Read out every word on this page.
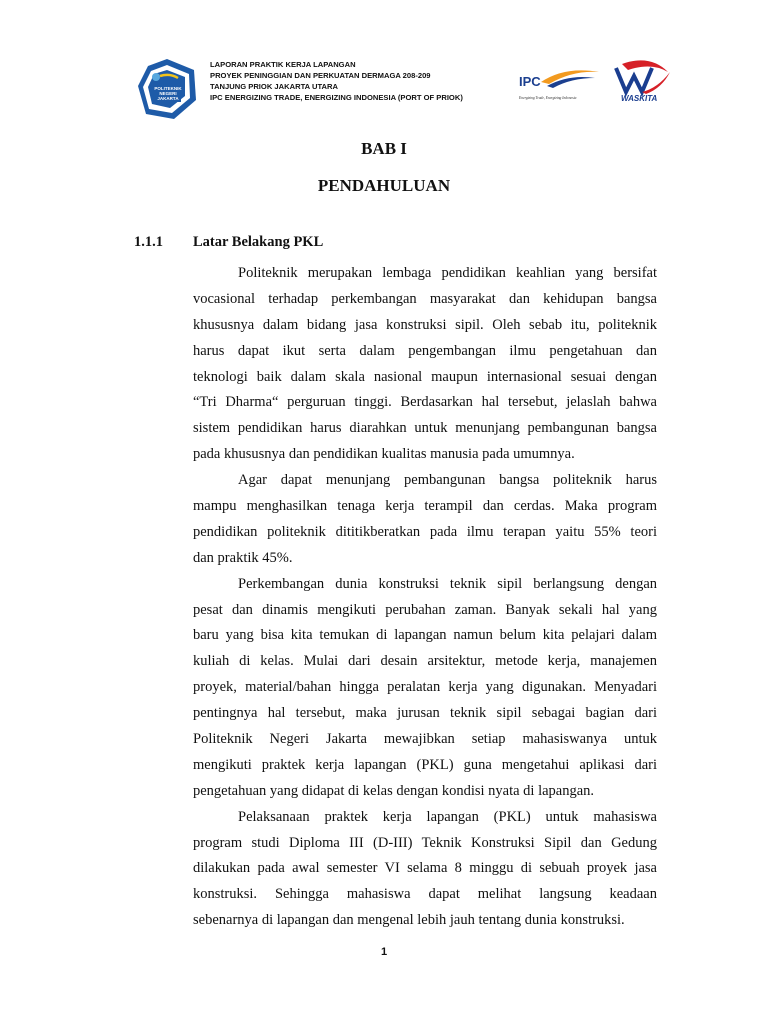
POLITEKNIK
NEGERI
JAKARTA
LAPORAN PRAKTIK KERJA LAPANGAN
PROYEK PENINGGIAN DAN PERKUATAN DERMAGA 208-209
TANJUNG PRIOK JAKARTA UTARA
IPC ENERGIZING TRADE, ENERGIZING INDONESIA (PORT OF PRIOK)
IPC
Energizing Trade, Energizing Indonesia	WASKITA
BAB I
PENDAHULUAN
1.1.1 Latar Belakang PKL
Politeknik merupakan lembaga pendidikan keahlian yang bersifat
vocasional terhadap perkembangan masyarakat dan kehidupan bangsa
khususnya dalam bidang jasa konstruksi sipil. Oleh sebab itu, politeknik
harus dapat ikut serta dalam pengembangan ilmu pengetahuan dan
teknologi baik dalam skala nasional maupun internasional sesuai dengan
“Tri Dharma“ perguruan tinggi. Berdasarkan hal tersebut, jelaslah bahwa
sistem pendidikan harus diarahkan untuk menunjang pembangunan bangsa
pada khususnya dan pendidikan kualitas manusia pada umumnya.
Agar dapat menunjang pembangunan bangsa politeknik harus
mampu menghasilkan tenaga kerja terampil dan cerdas. Maka program
pendidikan politeknik dititikberatkan pada ilmu terapan yaitu 55% teori
dan praktik 45%.
Perkembangan dunia konstruksi teknik sipil berlangsung dengan
pesat dan dinamis mengikuti perubahan zaman. Banyak sekali hal yang
baru yang bisa kita temukan di lapangan namun belum kita pelajari dalam
kuliah di kelas. Mulai dari desain arsitektur, metode kerja, manajemen
proyek, material/bahan hingga peralatan kerja yang digunakan. Menyadari
pentingnya hal tersebut, maka jurusan teknik sipil sebagai bagian dari
Politeknik Negeri Jakarta mewajibkan setiap mahasiswanya untuk
mengikuti praktek kerja lapangan (PKL) guna mengetahui aplikasi dari
pengetahuan yang didapat di kelas dengan kondisi nyata di lapangan.
Pelaksanaan praktek kerja lapangan (PKL) untuk mahasiswa
program studi Diploma III (D-III) Teknik Konstruksi Sipil dan Gedung
dilakukan pada awal semester VI selama 8 minggu di sebuah proyek jasa
konstruksi. Sehingga mahasiswa dapat melihat langsung keadaan
sebenarnya di lapangan dan mengenal lebih jauh tentang dunia konstruksi.
1
